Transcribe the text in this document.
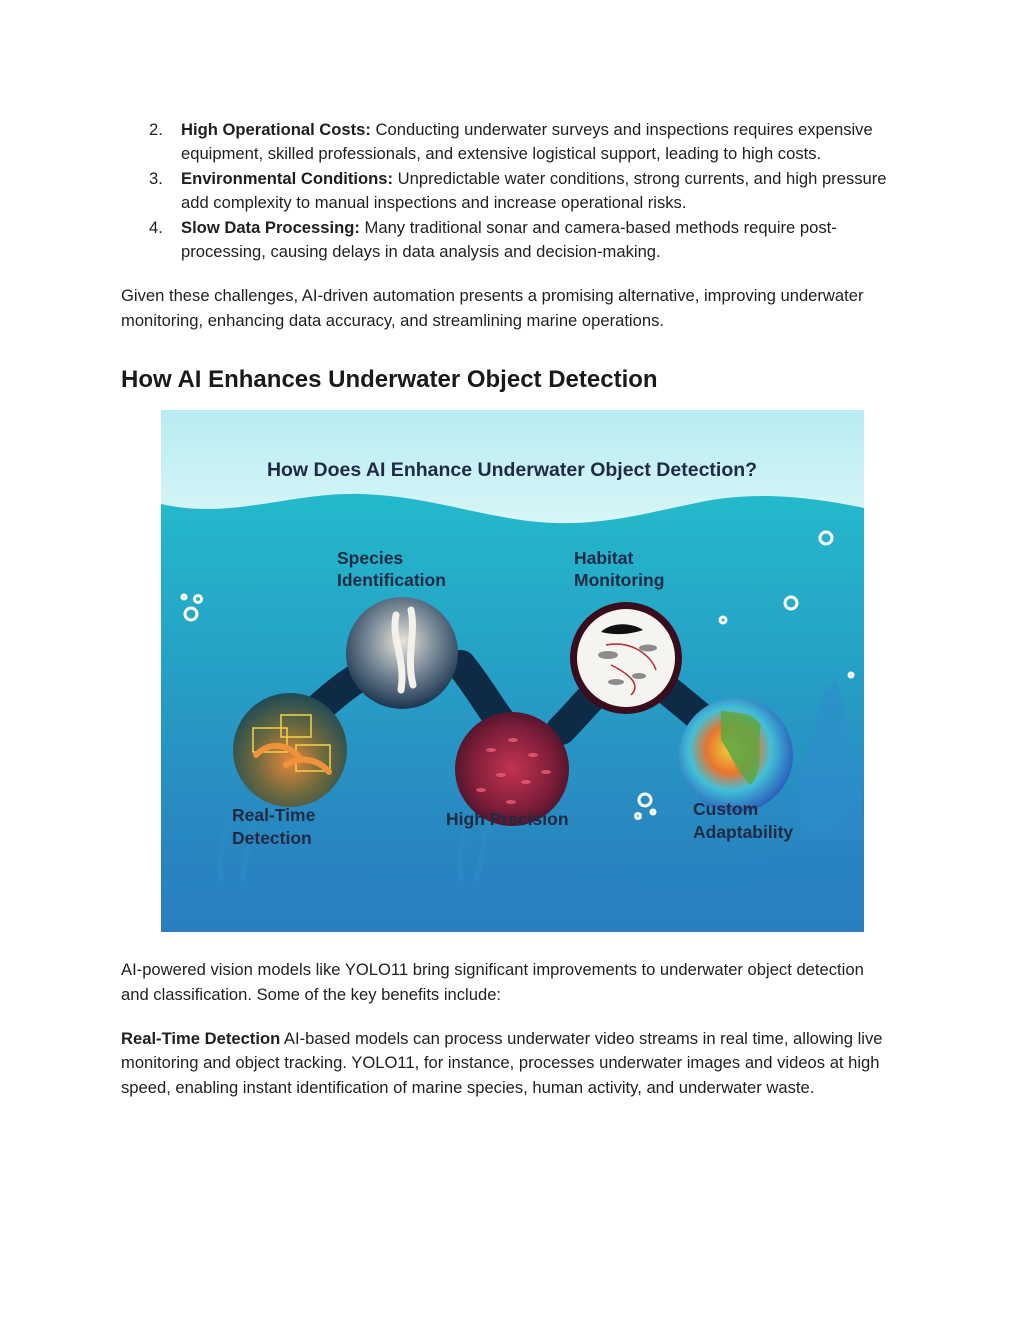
2. High Operational Costs: Conducting underwater surveys and inspections requires expensive equipment, skilled professionals, and extensive logistical support, leading to high costs.
3. Environmental Conditions: Unpredictable water conditions, strong currents, and high pressure add complexity to manual inspections and increase operational risks.
4. Slow Data Processing: Many traditional sonar and camera-based methods require post-processing, causing delays in data analysis and decision-making.

Given these challenges, AI-driven automation presents a promising alternative, improving underwater monitoring, enhancing data accuracy, and streamlining marine operations.

How AI Enhances Underwater Object Detection
How Does AI Enhance Underwater Object Detection?
Species
Identification
Habitat
Monitoring
Real-Time
Detection
High Precision	Custom
Adaptability

AI-powered vision models like YOLO11 bring significant improvements to underwater object detection and classification. Some of the key benefits include:

Real-Time Detection AI-based models can process underwater video streams in real time, allowing live monitoring and object tracking. YOLO11, for instance, processes underwater images and videos at high speed, enabling instant identification of marine species, human activity, and underwater waste.
